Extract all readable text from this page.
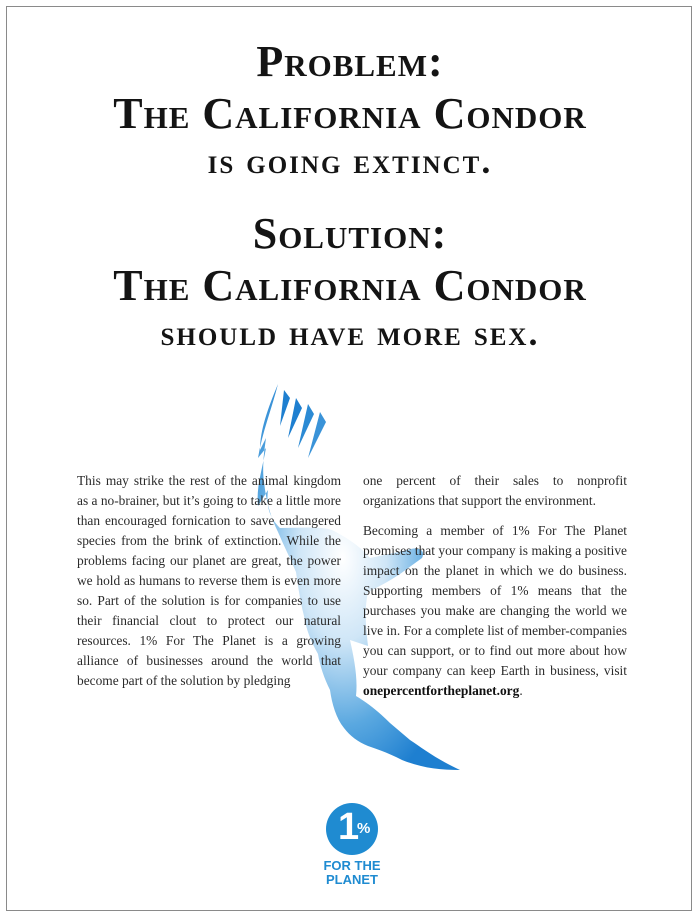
Problem:
The California Condor
is going extinct.
Solution:
The California Condor
should have more sex.

This may strike the rest of the animal kingdom as a no-brainer, but it’s going to take a little more than encouraged fornication to save endangered species from the brink of extinction. While the problems facing our planet are great, the power we hold as humans to reverse them is even more so. Part of the solution is for companies to use their financial clout to protect our natural resources. 1% For The Planet is a growing alliance of businesses around the world that become part of the solution by pledging

one percent of their sales to nonprofit organizations that support the environment.

Becoming a member of 1% For The Planet promises that your company is making a positive impact on the planet in which we do business. Supporting members of 1% means that the purchases you make are changing the world we live in. For a complete list of member-companies you can support, or to find out more about how your company can keep Earth in business, visit onepercentfortheplanet.org.

1
%
FOR THE
PLANET
